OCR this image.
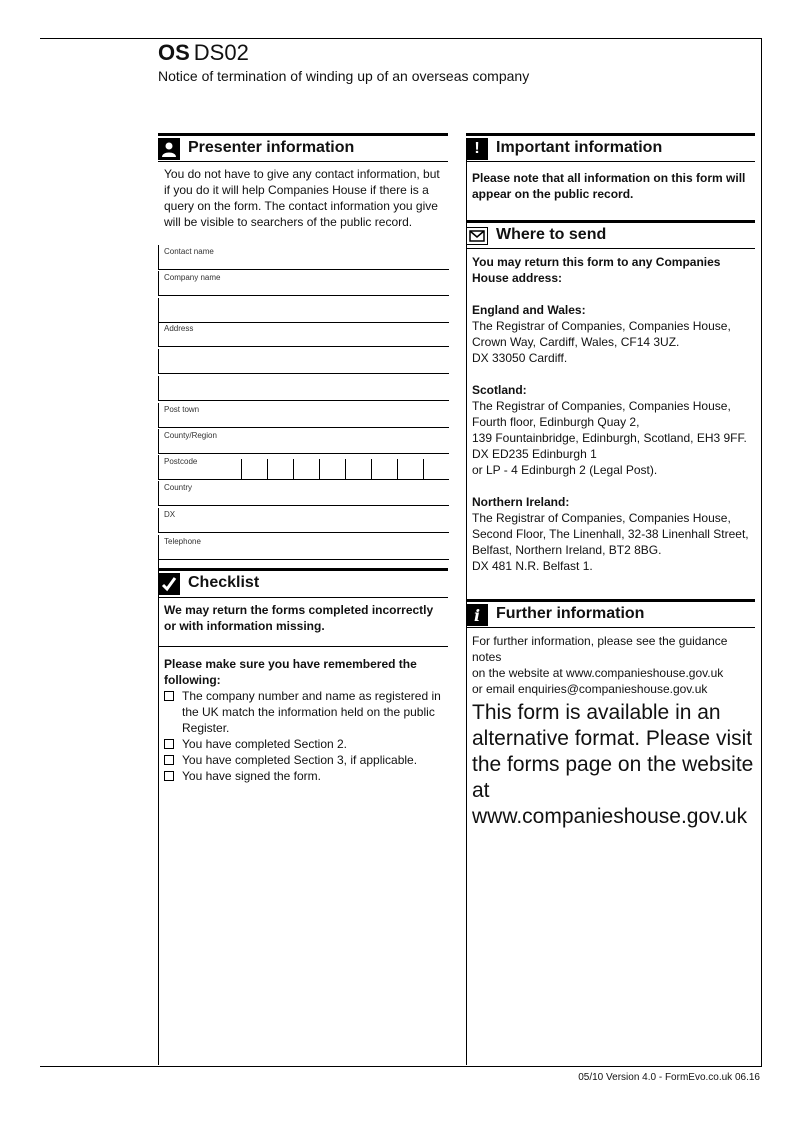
OS DS02
Notice of termination of winding up of an overseas company
Presenter information
You do not have to give any contact information, but if you do it will help Companies House if there is a query on the form. The contact information you give will be visible to searchers of the public record.
Contact name
Company name
Address
Post town
County/Region
Postcode
Country
DX
Telephone
Checklist
We may return the forms completed incorrectly or with information missing.
Please make sure you have remembered the following:
The company number and name as registered in the UK match the information held on the public Register.
You have completed Section 2.
You have completed Section 3, if applicable.
You have signed the form.
!	Important information
Please note that all information on this form will appear on the public record.
Where to send
You may return this form to any Companies House address:
England and Wales:
The Registrar of Companies, Companies House,
Crown Way, Cardiff, Wales, CF14 3UZ.
DX 33050 Cardiff.
Scotland:
The Registrar of Companies, Companies House,
Fourth floor, Edinburgh Quay 2,
139 Fountainbridge, Edinburgh, Scotland, EH3 9FF.
DX ED235 Edinburgh 1
or LP - 4 Edinburgh 2 (Legal Post).
Northern Ireland:
The Registrar of Companies, Companies House,
Second Floor, The Linenhall, 32-38 Linenhall Street,
Belfast, Northern Ireland, BT2 8BG.
DX 481 N.R. Belfast 1.
i Further information
For further information, please see the guidance notes
on the website at www.companieshouse.gov.uk
or email enquiries@companieshouse.gov.uk
This form is available in an alternative format. Please visit the forms page on the website at www.companieshouse.gov.uk
05/10 Version 4.0 - FormEvo.co.uk 06.16
